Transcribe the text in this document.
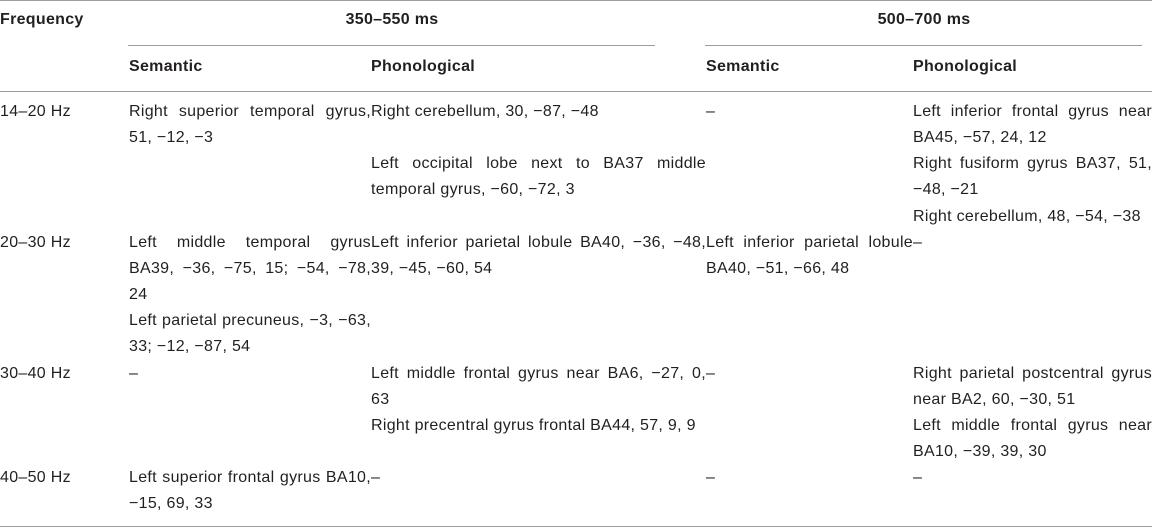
Frequency	350–550 ms	500–700 ms
Semantic	Phonological	Semantic	Phonological
14–20 Hz	Right superior temporal gyrus, 51, −12, −3	Right cerebellum, 30, −87, −48	–	Left inferior frontal gyrus near BA45, −57, 24, 12
		Left occipital lobe next to BA37 middle temporal gyrus, −60, −72, 3		Right fusiform gyrus BA37, 51, −48, −21
				Right cerebellum, 48, −54, −38
20–30 Hz	Left middle temporal gyrus BA39, −36, −75, 15; −54, −78, 24	Left inferior parietal lobule BA40, −36, −48, 39, −45, −60, 54	Left inferior parietal lobule BA40, −51, −66, 48	–
	Left parietal precuneus, −3, −63, 33; −12, −87, 54			
30–40 Hz	–	Left middle frontal gyrus near BA6, −27, 0, 63	–	Right parietal postcentral gyrus near BA2, 60, −30, 51
		Right precentral gyrus frontal BA44, 57, 9, 9		Left middle frontal gyrus near BA10, −39, 39, 30
40–50 Hz	Left superior frontal gyrus BA10, −15, 69, 33	–	–	–
